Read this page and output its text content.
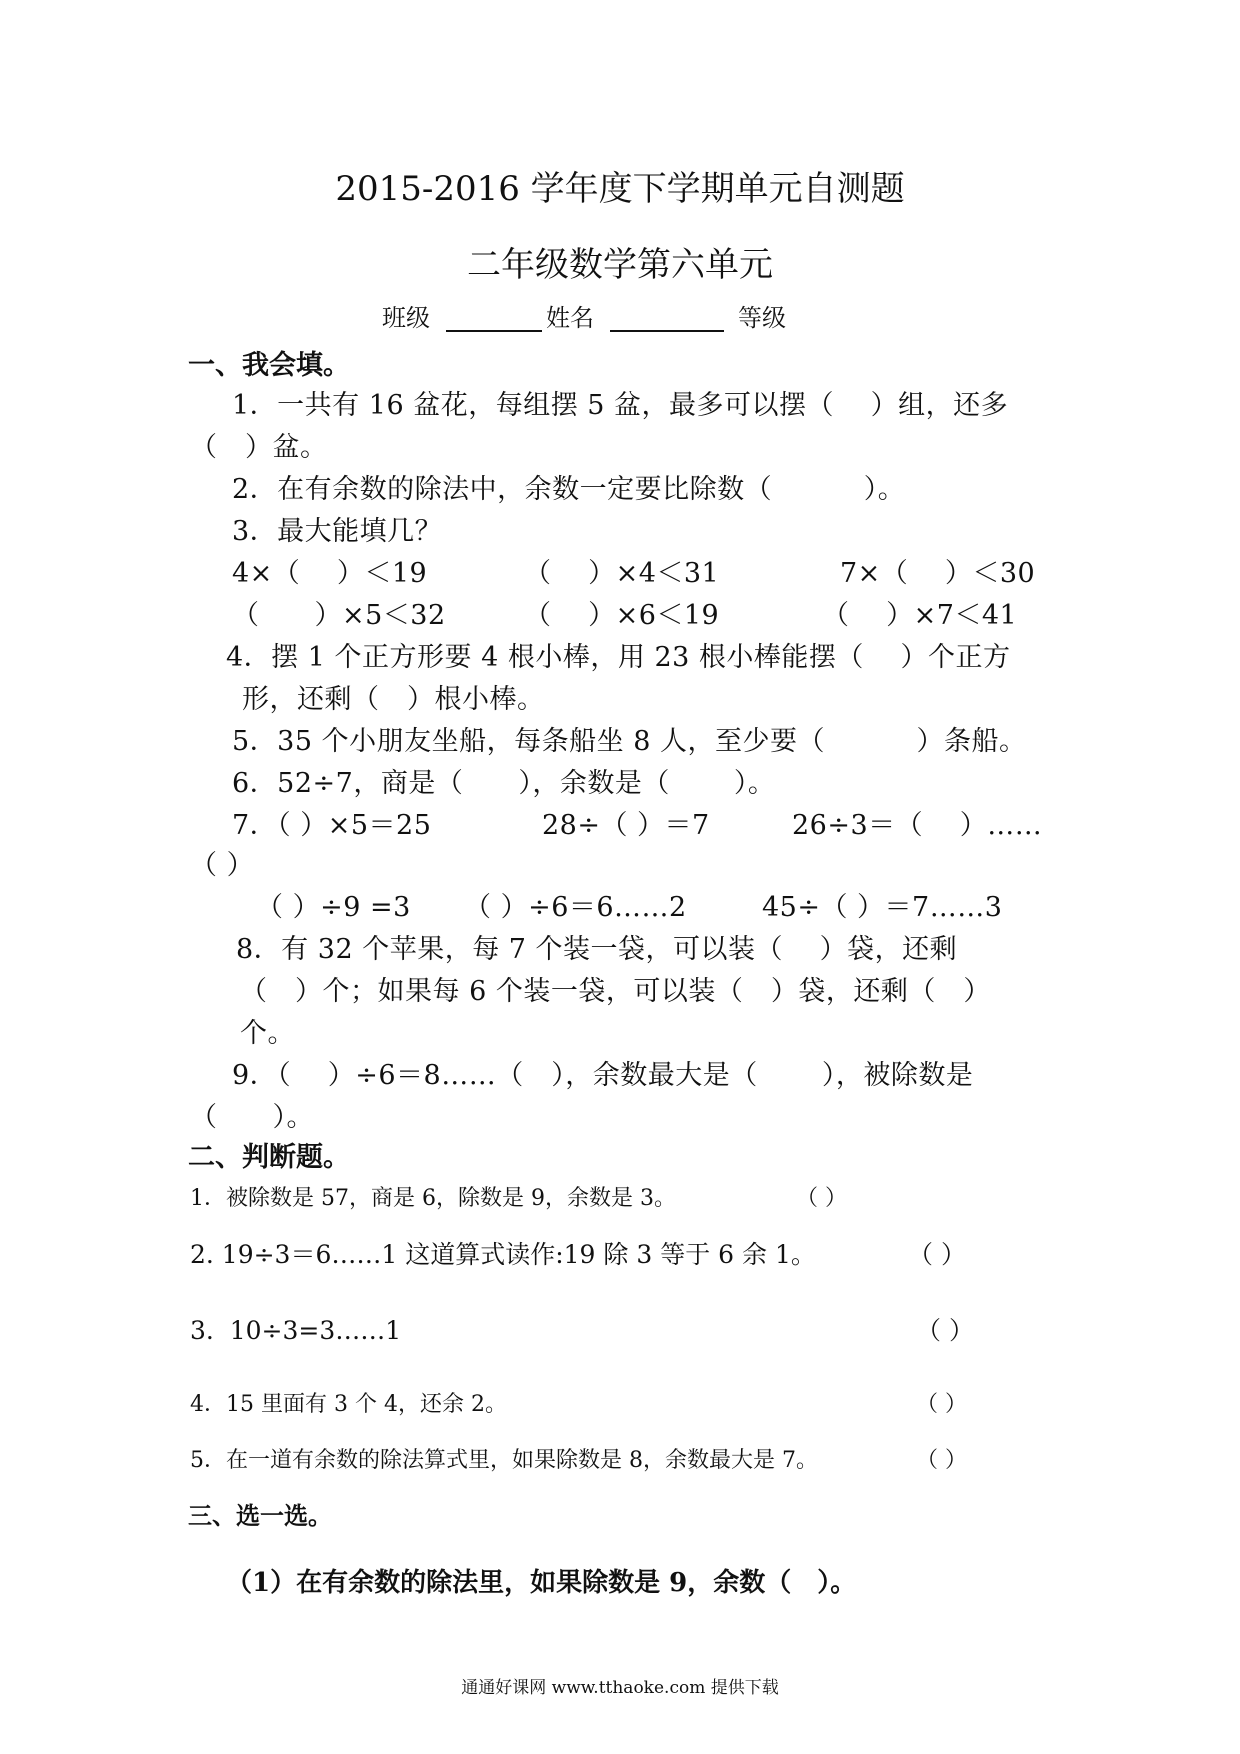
2015-2016 学年度下学期单元自测题
二年级数学第六单元
班级	姓名	等级
一、我会填。
1．一共有 16 盆花，每组摆 5 盆，最多可以摆（　 ）组，还多
（　）盆。
2．在有余数的除法中，余数一定要比除数（　　　 ）。
3．最大能填几？
4×（　 ）＜19	（　 ）×4＜31	7×（　 ）＜30
（　　）×5＜32	（　 ）×6＜19	（　 ）×7＜41
4．摆 1 个正方形要 4 根小棒，用 23 根小棒能摆（　 ）个正方
形，还剩（　）根小棒。
5．35 个小朋友坐船，每条船坐 8 人，至少要（　　　 ）条船。
6．52÷7，商是（　　），余数是（　　 ）。
7．（ ）×5＝25	28÷（ ）＝7	26÷3＝（　 ）……
（ ）
（ ）÷9 =3 （ ）÷6＝6……2	45÷（ ）＝7……3
8．有 32 个苹果，每 7 个装一袋，可以装（　 ）袋，还剩
（　）个；如果每 6 个装一袋，可以装（　）袋，还剩（　）
个。
9．（　 ）÷6＝8……（　），余数最大是（　　 ），被除数是
（　　）。
二、判断题。
1．被除数是 57，商是 6，除数是 9，余数是 3。	（ ）
2. 19÷3＝6……1 这道算式读作:19 除 3 等于 6 余 1。	（ ）
3.  10÷3=3……1	（ ）
4．15 里面有 3 个 4，还余 2。	（ ）
5．在一道有余数的除法算式里，如果除数是 8，余数最大是 7。	（ ）
三、选一选。
（1）在有余数的除法里，如果除数是 9，余数（　）。
通通好课网 www.tthaoke.com 提供下载
